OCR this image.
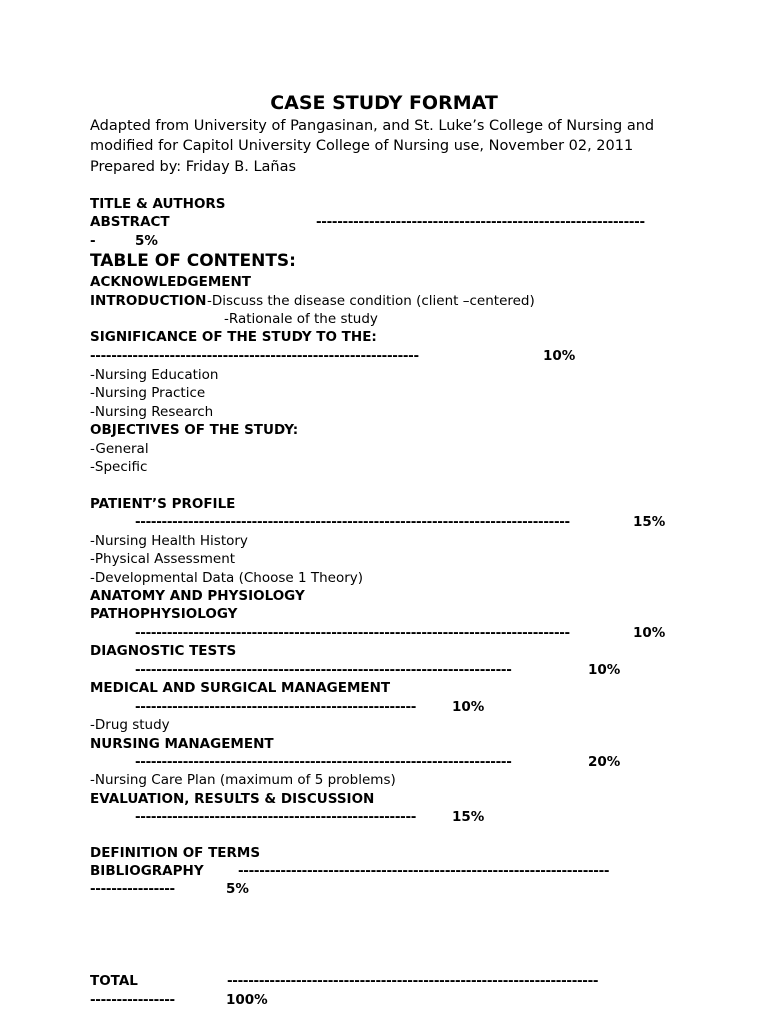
CASE STUDY FORMAT
Adapted from University of Pangasinan, and St. Luke’s College of Nursing and
modified for Capitol University College of Nursing use, November 02, 2011
Prepared by: Friday B. Lañas
TITLE & AUTHORS
ABSTRACT	--------------------------------------------------------------
-	5%
TABLE OF CONTENTS:
ACKNOWLEDGEMENT
INTRODUCTION -Discuss the disease condition (client –centered)
-Rationale of the study
SIGNIFICANCE OF THE STUDY TO THE:
--------------------------------------------------------------	10%
-Nursing Education
-Nursing Practice
-Nursing Research
OBJECTIVES OF THE STUDY:
-General
-Specific
PATIENT’S PROFILE
----------------------------------------------------------------------------------	15%
-Nursing Health History
-Physical Assessment
-Developmental Data (Choose 1 Theory)
ANATOMY AND PHYSIOLOGY
PATHOPHYSIOLOGY
----------------------------------------------------------------------------------	10%
DIAGNOSTIC TESTS
-----------------------------------------------------------------------	10%
MEDICAL AND SURGICAL MANAGEMENT
-----------------------------------------------------	10%
-Drug study
NURSING MANAGEMENT
-----------------------------------------------------------------------	20%
-Nursing Care Plan (maximum of 5 problems)
EVALUATION, RESULTS & DISCUSSION
-----------------------------------------------------	15%
DEFINITION OF TERMS
BIBLIOGRAPHY	----------------------------------------------------------------------
----------------	5%
TOTAL	----------------------------------------------------------------------
----------------	100%
